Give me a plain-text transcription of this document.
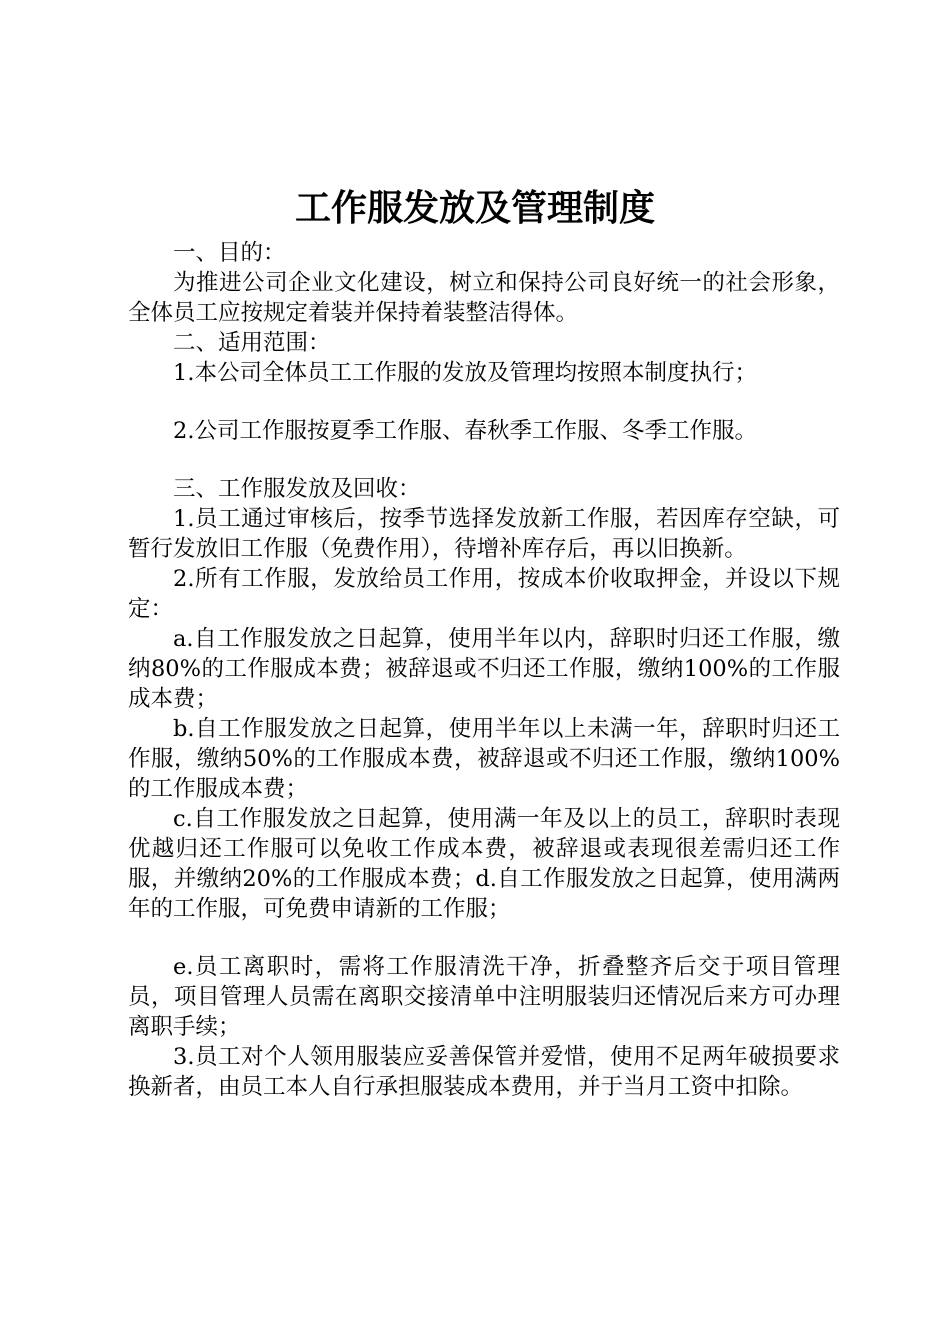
工作服发放及管理制度

一、目的：

为推进公司企业文化建设，树立和保持公司良好统一的社会形象，全体员工应按规定着装并保持着装整洁得体。

二、适用范围：

1.本公司全体员工工作服的发放及管理均按照本制度执行；

2.公司工作服按夏季工作服、春秋季工作服、冬季工作服。

三、工作服发放及回收：

1.员工通过审核后，按季节选择发放新工作服，若因库存空缺，可暂行发放旧工作服（免费作用），待增补库存后，再以旧换新。

2.所有工作服，发放给员工作用，按成本价收取押金，并设以下规定：

a.自工作服发放之日起算，使用半年以内，辞职时归还工作服，缴纳80%的工作服成本费；被辞退或不归还工作服，缴纳100%的工作服成本费；

b.自工作服发放之日起算，使用半年以上未满一年，辞职时归还工作服，缴纳50%的工作服成本费，被辞退或不归还工作服，缴纳100%的工作服成本费；

c.自工作服发放之日起算，使用满一年及以上的员工，辞职时表现优越归还工作服可以免收工作成本费，被辞退或表现很差需归还工作服，并缴纳20%的工作服成本费；d.自工作服发放之日起算，使用满两年的工作服，可免费申请新的工作服；

e.员工离职时，需将工作服清洗干净，折叠整齐后交于项目管理员，项目管理人员需在离职交接清单中注明服装归还情况后来方可办理离职手续；

3.员工对个人领用服装应妥善保管并爱惜，使用不足两年破损要求换新者，由员工本人自行承担服装成本费用，并于当月工资中扣除。
